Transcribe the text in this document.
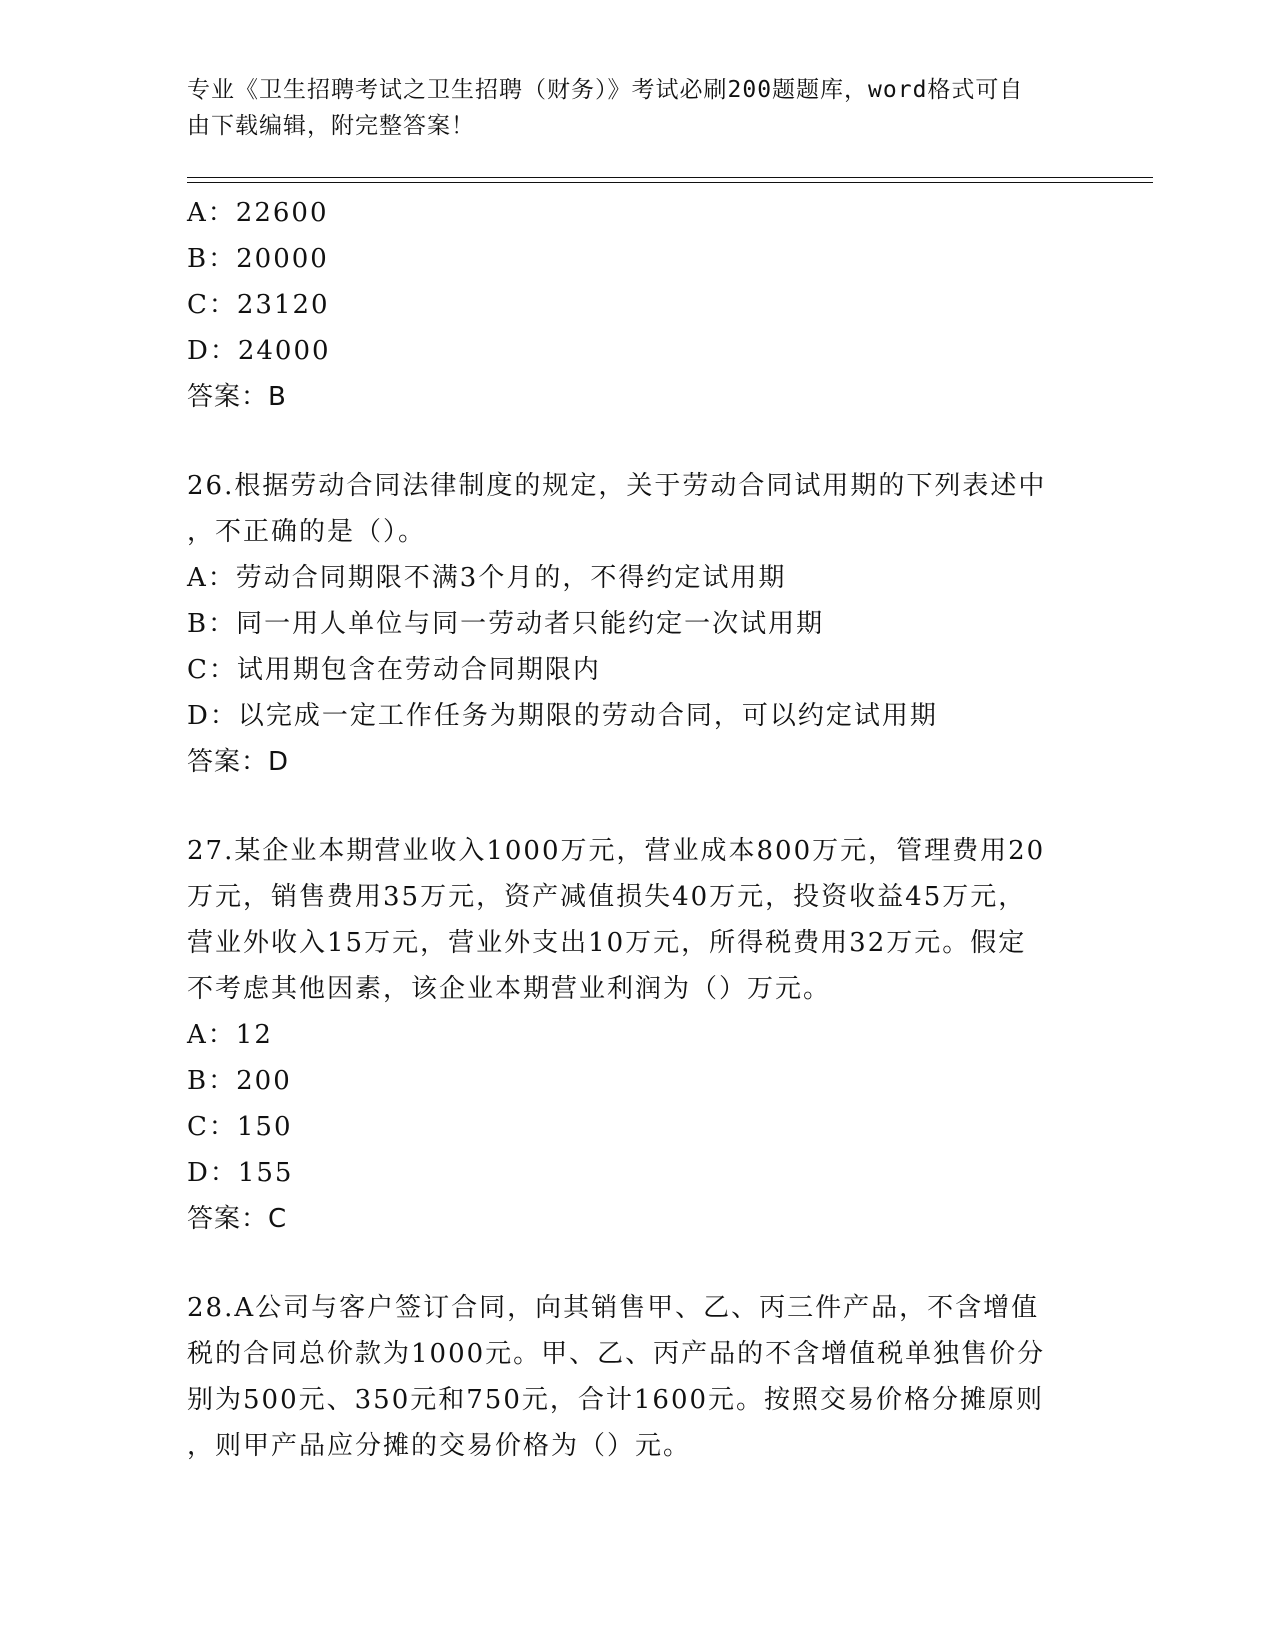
专业《卫生招聘考试之卫生招聘（财务）》考试必刷200题题库，word格式可自
由下载编辑，附完整答案！

A：22600

B：20000

C：23120

D：24000

答案：B

26.根据劳动合同法律制度的规定，关于劳动合同试用期的下列表述中

，不正确的是（）。

A：劳动合同期限不满3个月的，不得约定试用期

B：同一用人单位与同一劳动者只能约定一次试用期

C：试用期包含在劳动合同期限内

D：以完成一定工作任务为期限的劳动合同，可以约定试用期

答案：D

27.某企业本期营业收入1000万元，营业成本800万元，管理费用20

万元，销售费用35万元，资产减值损失40万元，投资收益45万元，

营业外收入15万元，营业外支出10万元，所得税费用32万元。假定

不考虑其他因素，该企业本期营业利润为（）万元。

A：12

B：200

C：150

D：155

答案：C

28.A公司与客户签订合同，向其销售甲、乙、丙三件产品，不含增值

税的合同总价款为1000元。甲、乙、丙产品的不含增值税单独售价分

别为500元、350元和750元，合计1600元。按照交易价格分摊原则

，则甲产品应分摊的交易价格为（）元。
